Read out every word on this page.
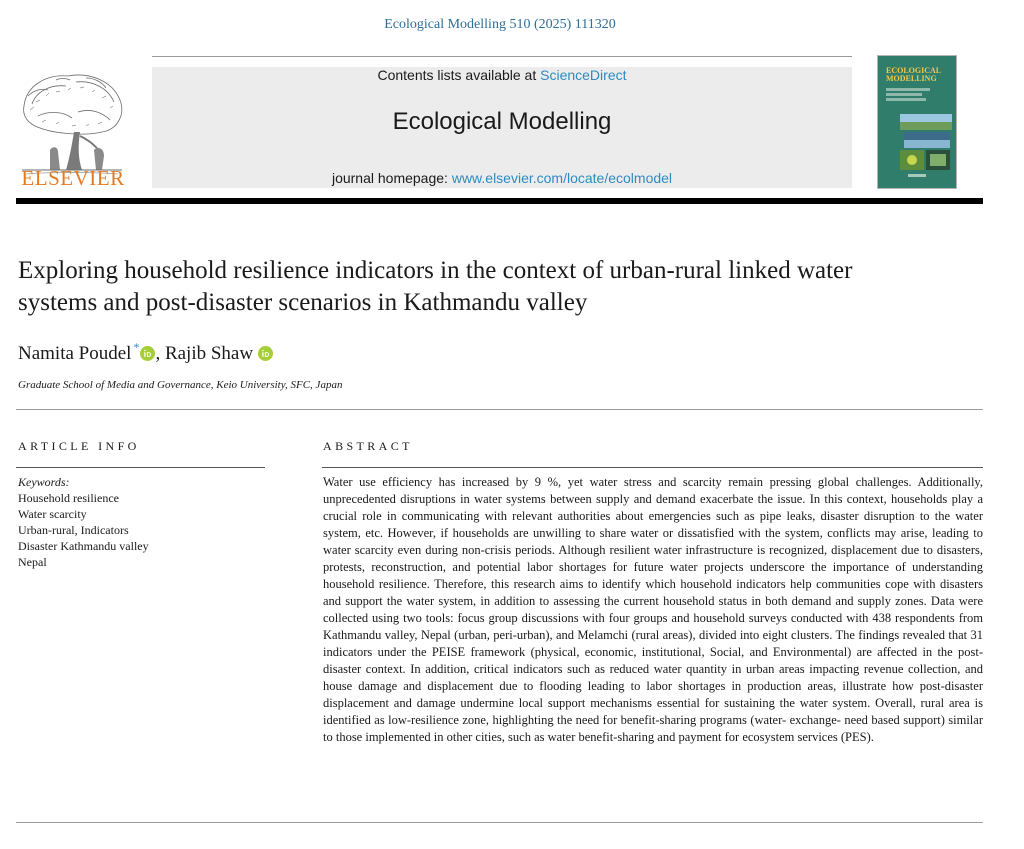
Ecological Modelling 510 (2025) 111320
ELSEVIER
Contents lists available at ScienceDirect
Ecological Modelling
journal homepage: www.elsevier.com/locate/ecolmodel
ECOLOGICAL
MODELLING
Exploring household resilience indicators in the context of urban-rural linked water systems and post-disaster scenarios in Kathmandu valley
Namita Poudel * , Rajib Shaw
Graduate School of Media and Governance, Keio University, SFC, Japan
ARTICLE INFO	ABSTRACT
Keywords:
Household resilience
Water scarcity
Urban-rural, Indicators
Disaster Kathmandu valley
Nepal

Water use efficiency has increased by 9 %, yet water stress and scarcity remain pressing global challenges. Additionally, unprecedented disruptions in water systems between supply and demand exacerbate the issue. In this context, households play a crucial role in communicating with relevant authorities about emergencies such as pipe leaks, disaster disruption to the water system, etc. However, if households are unwilling to share water or dissatisfied with the system, conflicts may arise, leading to water scarcity even during non-crisis periods. Although resilient water infrastructure is recognized, displacement due to disasters, protests, reconstruction, and potential labor shortages for future water projects underscore the importance of understanding household resilience. Therefore, this research aims to identify which household indicators help communities cope with disasters and support the water system, in addition to assessing the current household status in both demand and supply zones. Data were collected using two tools: focus group discussions with four groups and household surveys conducted with 438 respondents from Kathmandu valley, Nepal (urban, peri-urban), and Melamchi (rural areas), divided into eight clusters. The findings revealed that 31 indicators under the PEISE framework (physical, economic, institutional, Social, and Environmental) are affected in the post-disaster context. In addition, critical indicators such as reduced water quantity in urban areas impacting revenue collection, and house damage and displacement due to flooding leading to labor shortages in production areas, illustrate how post-disaster displacement and damage undermine local support mechanisms essential for sustaining the water system. Overall, rural area is identified as low-resilience zone, highlighting the need for benefit-sharing programs (water- exchange- need based support) similar to those implemented in other cities, such as water benefit-sharing and payment for ecosystem services (PES).
